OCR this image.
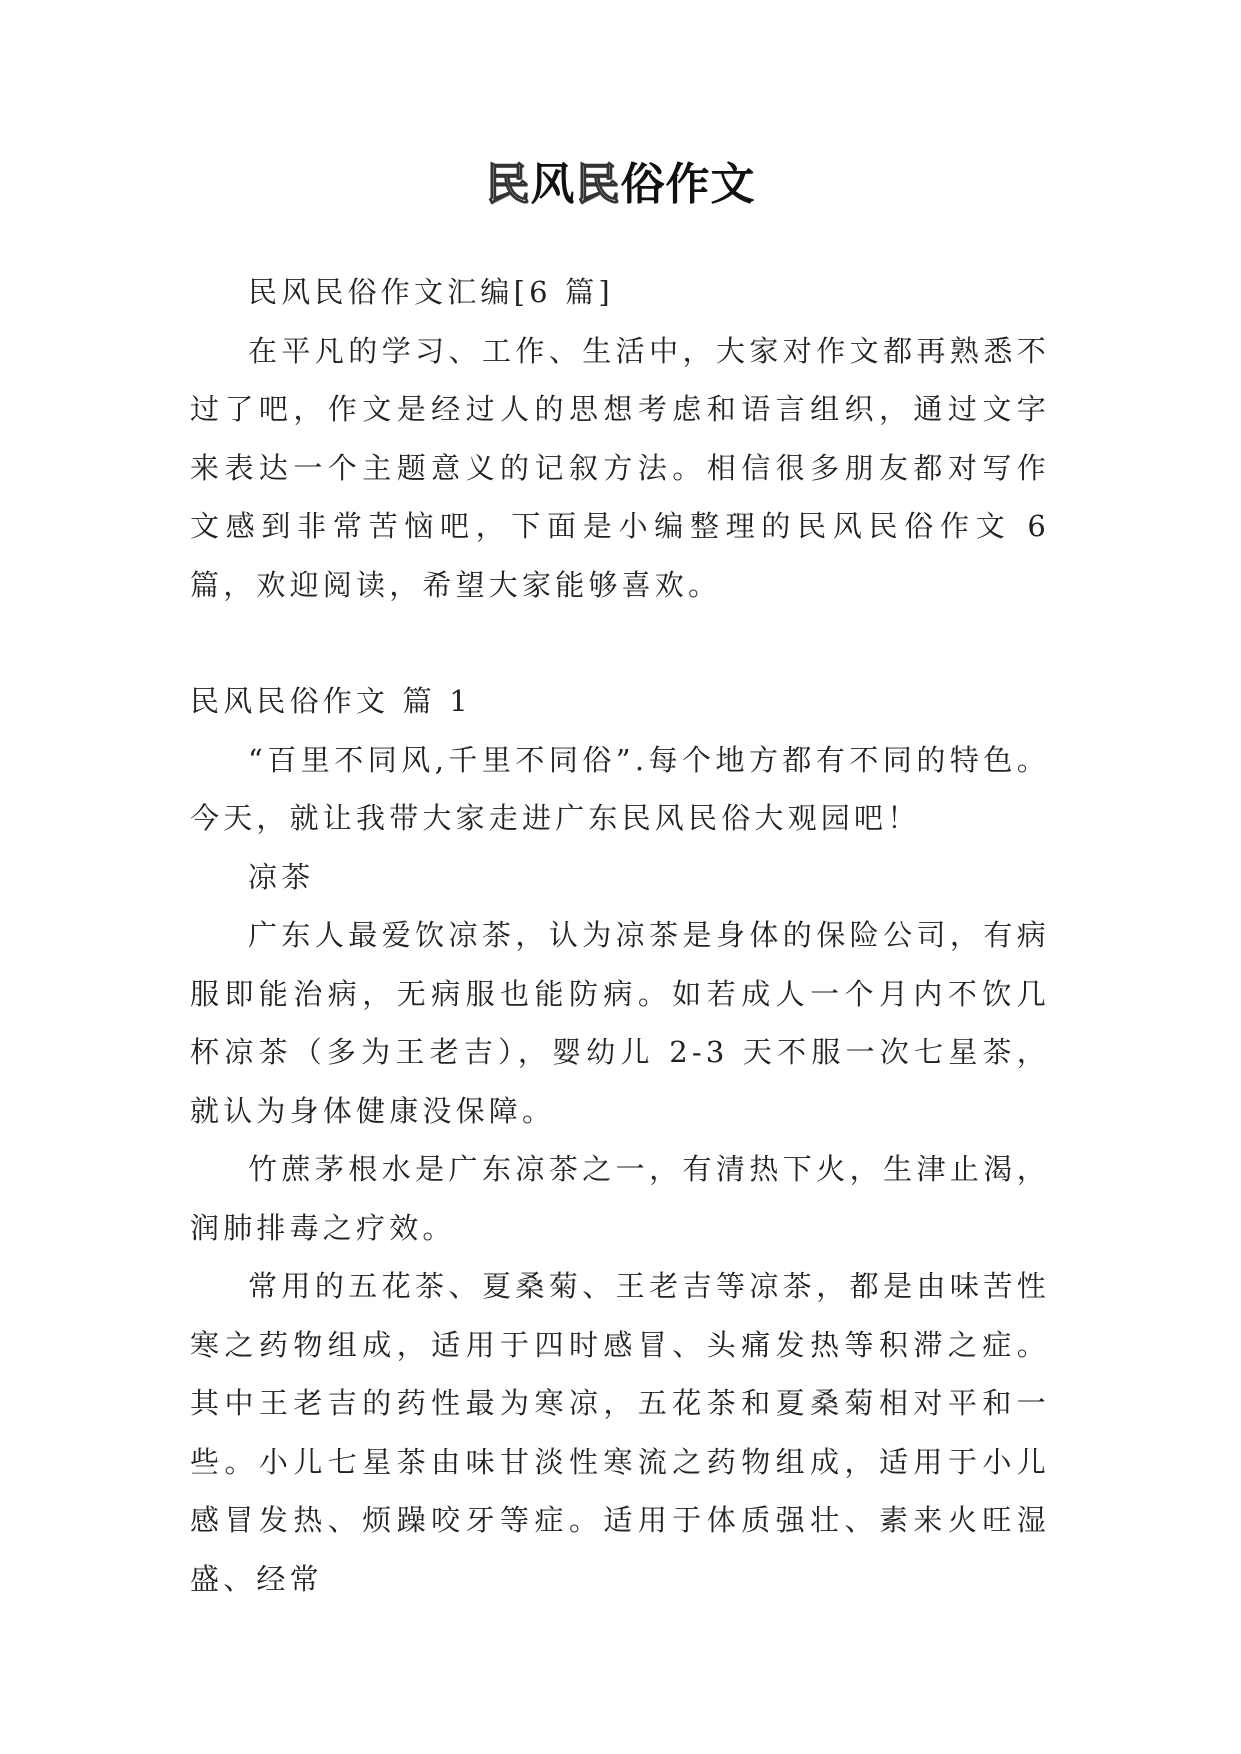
民风民俗作文

民风民俗作文汇编[6 篇]

在平凡的学习、工作、生活中，大家对作文都再熟悉不过了吧，作文是经过人的思想考虑和语言组织，通过文字来表达一个主题意义的记叙方法。相信很多朋友都对写作文感到非常苦恼吧，下面是小编整理的民风民俗作文 6 篇，欢迎阅读，希望大家能够喜欢。

民风民俗作文 篇 1

“百里不同风,千里不同俗”.每个地方都有不同的特色。今天，就让我带大家走进广东民风民俗大观园吧！

凉茶

广东人最爱饮凉茶，认为凉茶是身体的保险公司，有病服即能治病，无病服也能防病。如若成人一个月内不饮几杯凉茶（多为王老吉），婴幼儿 2-3 天不服一次七星茶，就认为身体健康没保障。

竹蔗茅根水是广东凉茶之一，有清热下火，生津止渴，润肺排毒之疗效。

常用的五花茶、夏桑菊、王老吉等凉茶，都是由味苦性寒之药物组成，适用于四时感冒、头痛发热等积滞之症。其中王老吉的药性最为寒凉，五花茶和夏桑菊相对平和一些。小儿七星茶由味甘淡性寒流之药物组成，适用于小儿感冒发热、烦躁咬牙等症。适用于体质强壮、素来火旺湿盛、经常
